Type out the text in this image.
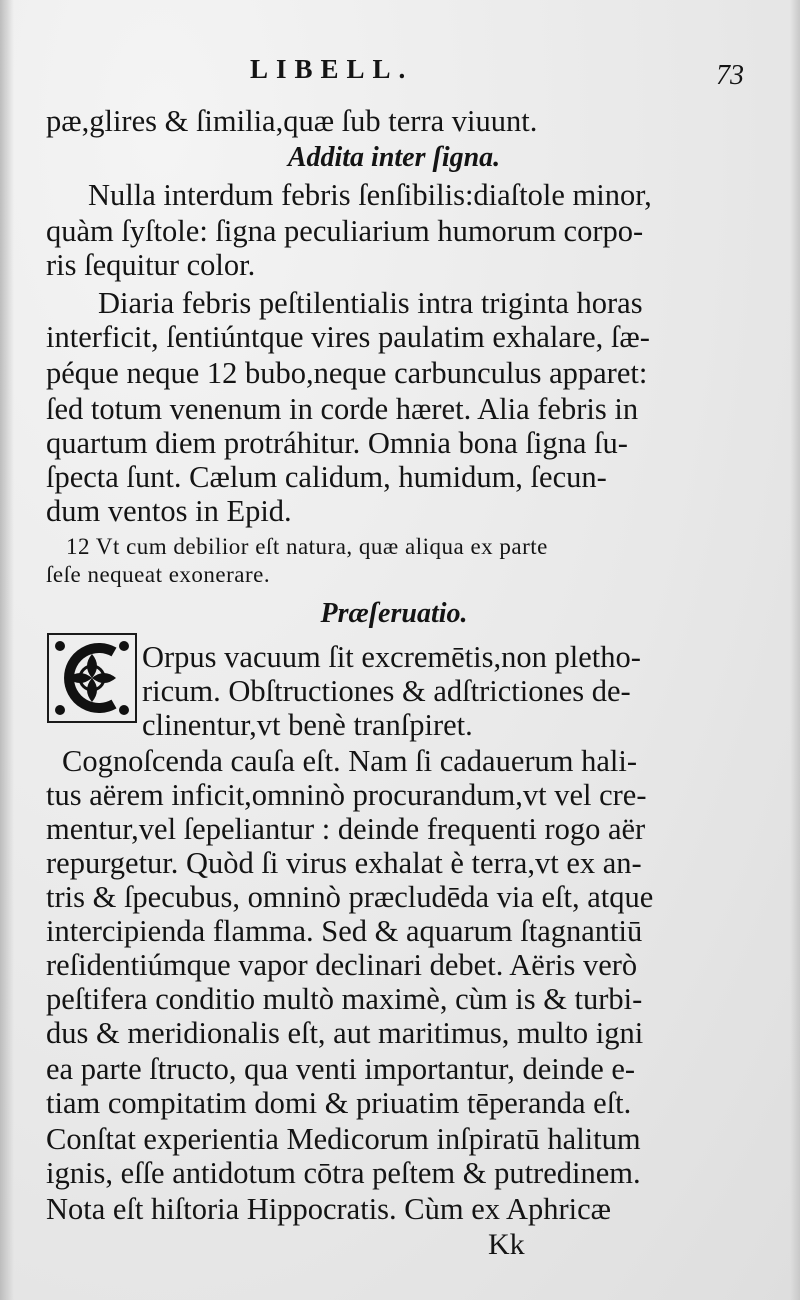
LIBELL.	73
pæ,glires & ſimilia,quæ ſub terra viuunt.
Addita inter ſigna.
Nulla interdum febris ſenſibilis:diaſtole minor,
quàm ſyſtole: ſigna peculiarium humorum corpo-
ris ſequitur color.
Diaria febris peſtilentialis intra triginta horas
interficit, ſentiúntque vires paulatim exhalare, ſæ-
péque neque 12 bubo,neque carbunculus apparet:
ſed totum venenum in corde hæret. Alia febris in
quartum diem protráhitur. Omnia bona ſigna ſu-
ſpecta ſunt. Cælum calidum, humidum, ſecun-
dum ventos in Epid.
12 Vt cum debilior eſt natura, quæ aliqua ex parte
ſeſe nequeat exonerare.
Præſeruatio.
Orpus vacuum ſit excremētis,non pletho-
ricum. Obſtructiones & adſtrictiones de-
clinentur,vt benè tranſpiret.
Cognoſcenda cauſa eſt. Nam ſi cadauerum hali-
tus aërem inficit,omninò procurandum,vt vel cre-
mentur,vel ſepeliantur : deinde frequenti rogo aër
repurgetur. Quòd ſi virus exhalat è terra,vt ex an-
tris & ſpecubus, omninò præcludēda via eſt, atque
intercipienda flamma. Sed & aquarum ſtagnantiū
reſidentiúmque vapor declinari debet. Aëris verò
peſtifera conditio multò maximè, cùm is & turbi-
dus & meridionalis eſt, aut maritimus, multo igni
ea parte ſtructo, qua venti importantur, deinde e-
tiam compitatim domi & priuatim tēperanda eſt.
Conſtat experientia Medicorum inſpiratū halitum
ignis, eſſe antidotum cōtra peſtem & putredinem.
Nota eſt hiſtoria Hippocratis. Cùm ex Aphricæ
Kk
